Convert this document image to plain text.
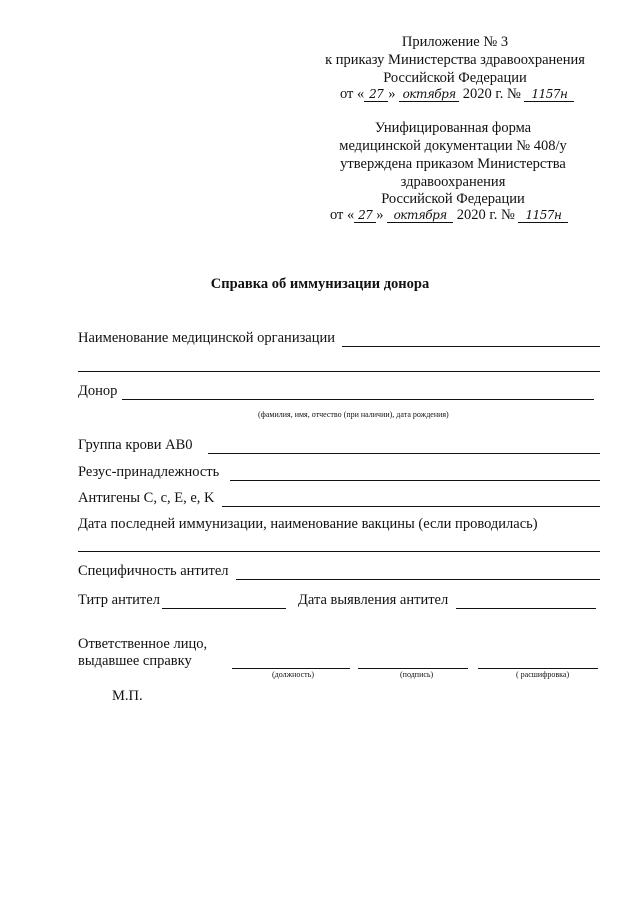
Приложение № 3
к приказу Министерства здравоохранения
Российской Федерации
от « 27 » октября 2020 г. № 1157н
Унифицированная форма
медицинской документации № 408/у
утверждена приказом Министерства
здравоохранения
Российской Федерации
от « 27 » октября 2020 г. № 1157н
Справка об иммунизации донора
Наименование медицинской организации
Донор
(фамилия, имя, отчество (при наличии), дата рождения)
Группа крови АВ0
Резус-принадлежность
Антигены C, c, E, e, K
Дата последней иммунизации, наименование вакцины (если проводилась)
Специфичность антител
Титр антител	Дата выявления антител
Ответственное лицо,
выдавшее справку
(должность)	(подпись)	( расшифровка)
М.П.
